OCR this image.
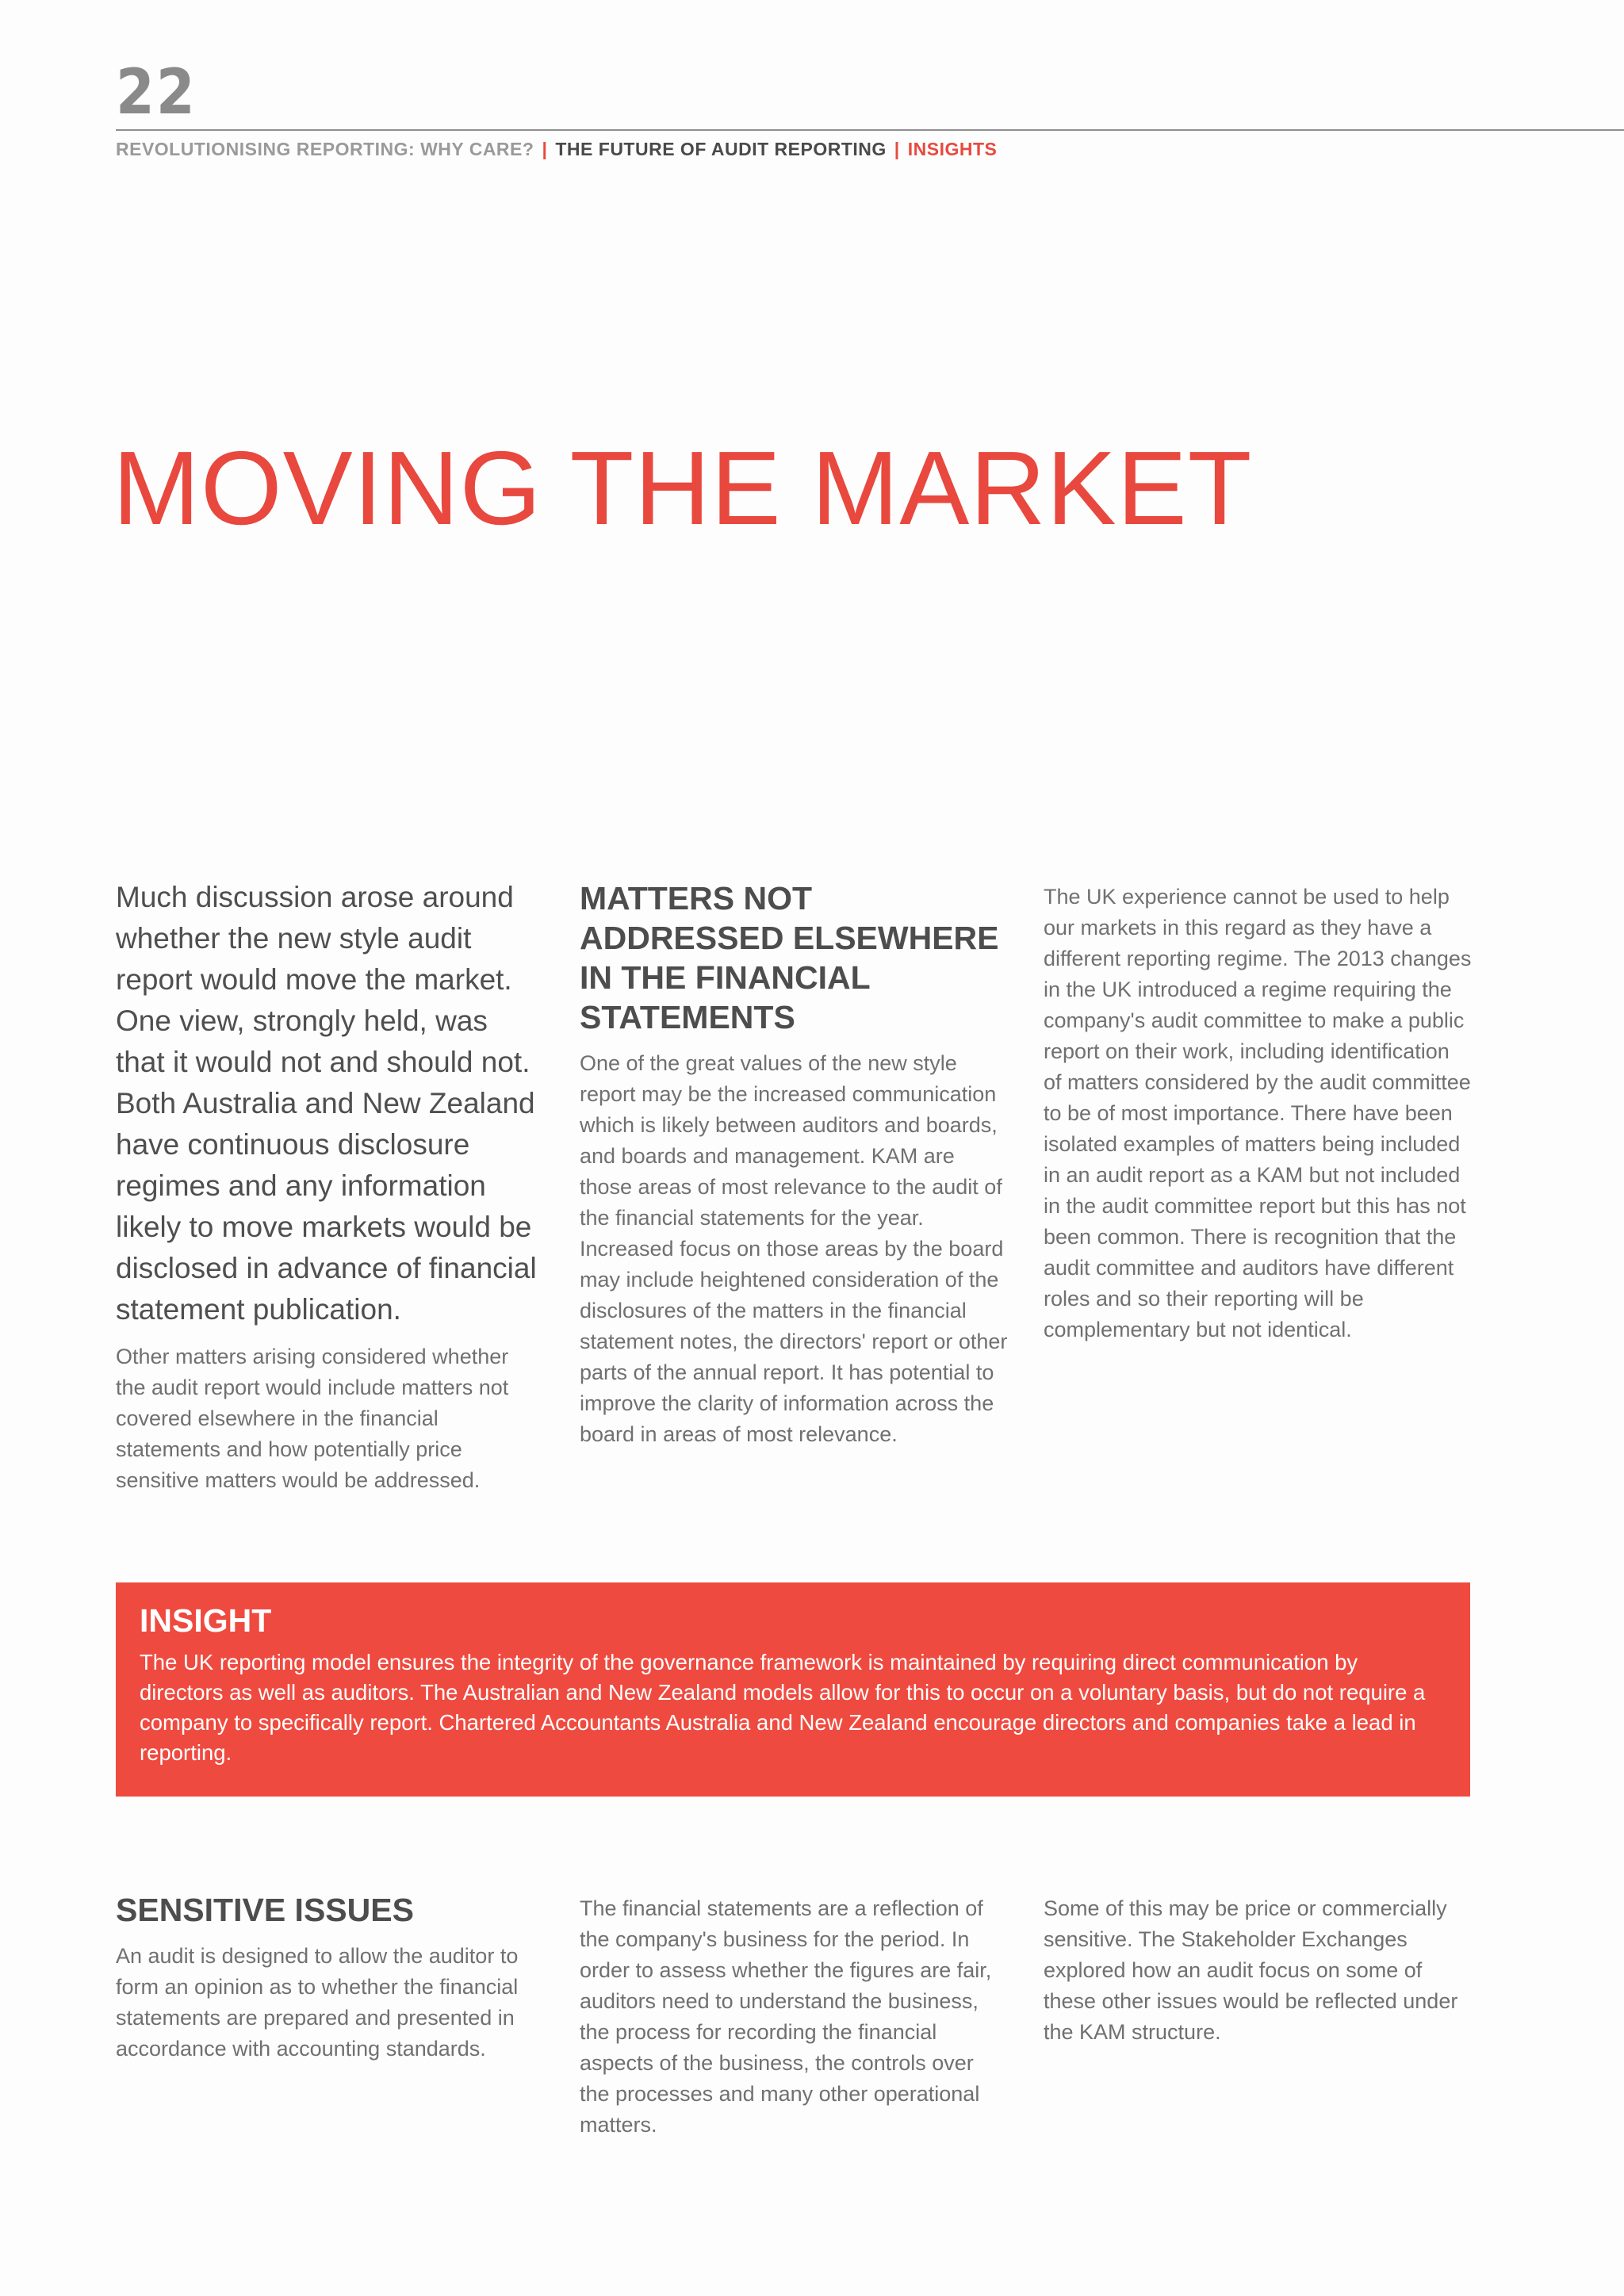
22
REVOLUTIONISING REPORTING: WHY CARE? | THE FUTURE OF AUDIT REPORTING | INSIGHTS
MOVING THE MARKET

Much discussion arose around whether the new style audit report would move the market. One view, strongly held, was that it would not and should not. Both Australia and New Zealand have continuous disclosure regimes and any information likely to move markets would be disclosed in advance of financial statement publication.

Other matters arising considered whether the audit report would include matters not covered elsewhere in the financial statements and how potentially price sensitive matters would be addressed.

MATTERS NOT ADDRESSED ELSEWHERE IN THE FINANCIAL STATEMENTS

One of the great values of the new style report may be the increased communication which is likely between auditors and boards, and boards and management. KAM are those areas of most relevance to the audit of the financial statements for the year. Increased focus on those areas by the board may include heightened consideration of the disclosures of the matters in the financial statement notes, the directors' report or other parts of the annual report. It has potential to improve the clarity of information across the board in areas of most relevance.

The UK experience cannot be used to help our markets in this regard as they have a different reporting regime. The 2013 changes in the UK introduced a regime requiring the company's audit committee to make a public report on their work, including identification of matters considered by the audit committee to be of most importance. There have been isolated examples of matters being included in an audit report as a KAM but not included in the audit committee report but this has not been common. There is recognition that the audit committee and auditors have different roles and so their reporting will be complementary but not identical.

INSIGHT

The UK reporting model ensures the integrity of the governance framework is maintained by requiring direct communication by directors as well as auditors. The Australian and New Zealand models allow for this to occur on a voluntary basis, but do not require a company to specifically report. Chartered Accountants Australia and New Zealand encourage directors and companies take a lead in reporting.

SENSITIVE ISSUES

An audit is designed to allow the auditor to form an opinion as to whether the financial statements are prepared and presented in accordance with accounting standards.

The financial statements are a reflection of the company's business for the period. In order to assess whether the figures are fair, auditors need to understand the business, the process for recording the financial aspects of the business, the controls over the processes and many other operational matters.

Some of this may be price or commercially sensitive. The Stakeholder Exchanges explored how an audit focus on some of these other issues would be reflected under the KAM structure.
